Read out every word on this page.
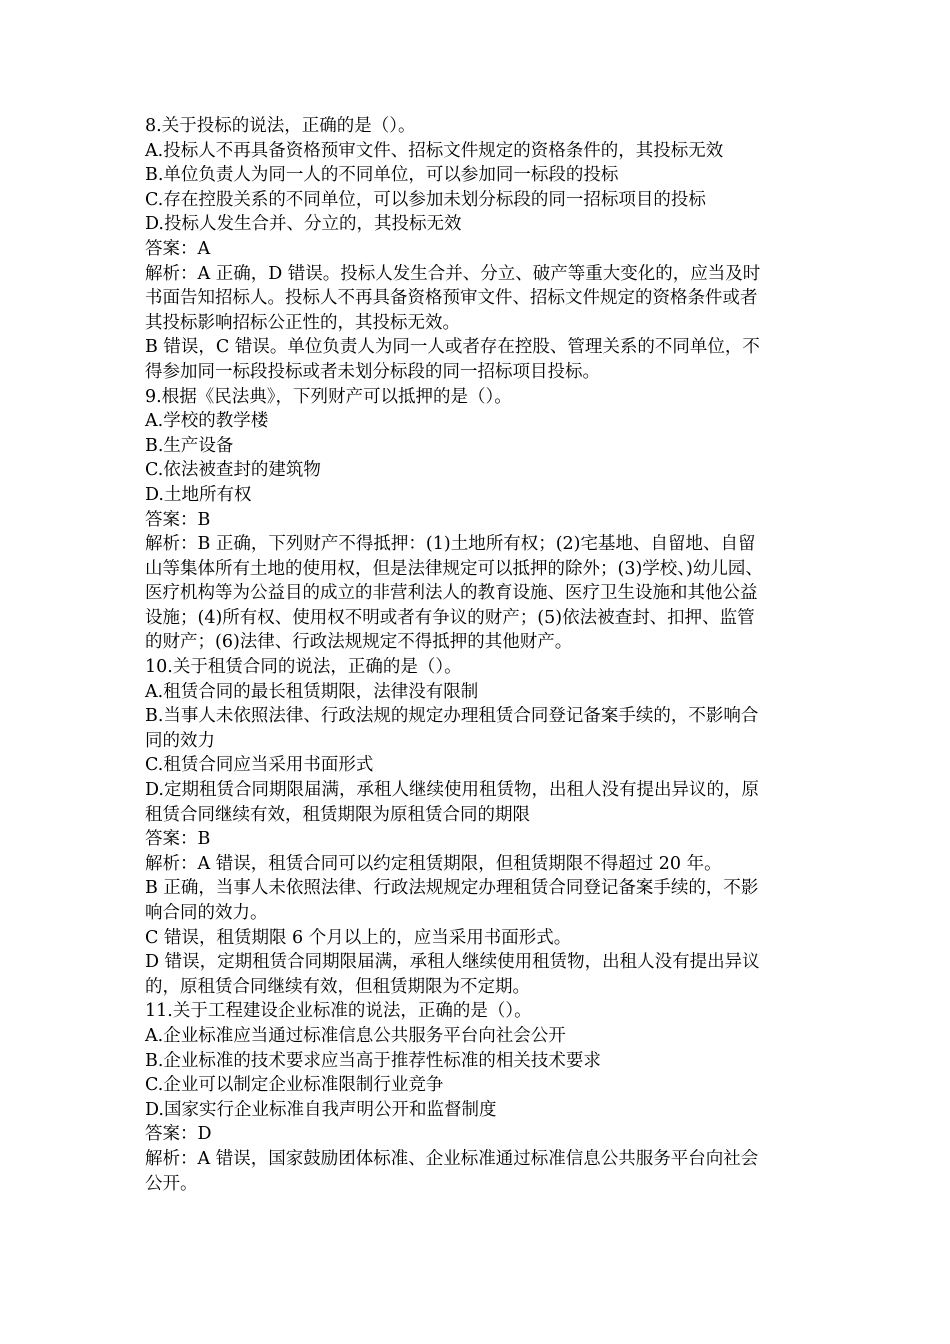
8.关于投标的说法，正确的是（）。
A.投标人不再具备资格预审文件、招标文件规定的资格条件的，其投标无效
B.单位负责人为同一人的不同单位，可以参加同一标段的投标
C.存在控股关系的不同单位，可以参加未划分标段的同一招标项目的投标
D.投标人发生合并、分立的，其投标无效
答案：A
解析：A 正确，D 错误。投标人发生合并、分立、破产等重大变化的，应当及时
书面告知招标人。投标人不再具备资格预审文件、招标文件规定的资格条件或者
其投标影响招标公正性的，其投标无效。
B 错误，C 错误。单位负责人为同一人或者存在控股、管理关系的不同单位，不
得参加同一标段投标或者未划分标段的同一招标项目投标。
9.根据《民法典》，下列财产可以抵押的是（）。
A.学校的教学楼
B.生产设备
C.依法被查封的建筑物
D.土地所有权
答案：B
解析：B 正确，下列财产不得抵押：(1)土地所有权；(2)宅基地、自留地、自留
山等集体所有土地的使用权，但是法律规定可以抵押的除外；(3)学校、)幼儿园、
医疗机构等为公益目的成立的非营利法人的教育设施、医疗卫生设施和其他公益
设施；(4)所有权、使用权不明或者有争议的财产；(5)依法被查封、扣押、监管
的财产；(6)法律、行政法规规定不得抵押的其他财产。
10.关于租赁合同的说法，正确的是（）。
A.租赁合同的最长租赁期限，法律没有限制
B.当事人未依照法律、行政法规的规定办理租赁合同登记备案手续的，不影响合
同的效力
C.租赁合同应当采用书面形式
D.定期租赁合同期限届满，承租人继续使用租赁物，出租人没有提出异议的，原
租赁合同继续有效，租赁期限为原租赁合同的期限
答案：B
解析：A 错误，租赁合同可以约定租赁期限，但租赁期限不得超过 20 年。
B 正确，当事人未依照法律、行政法规规定办理租赁合同登记备案手续的，不影
响合同的效力。
C 错误，租赁期限 6 个月以上的，应当采用书面形式。
D 错误，定期租赁合同期限届满，承租人继续使用租赁物，出租人没有提出异议
的，原租赁合同继续有效，但租赁期限为不定期。
11.关于工程建设企业标准的说法，正确的是（）。
A.企业标准应当通过标准信息公共服务平台向社会公开
B.企业标准的技术要求应当高于推荐性标准的相关技术要求
C.企业可以制定企业标准限制行业竞争
D.国家实行企业标准自我声明公开和监督制度
答案：D
解析：A 错误，国家鼓励团体标准、企业标准通过标准信息公共服务平台向社会
公开。
